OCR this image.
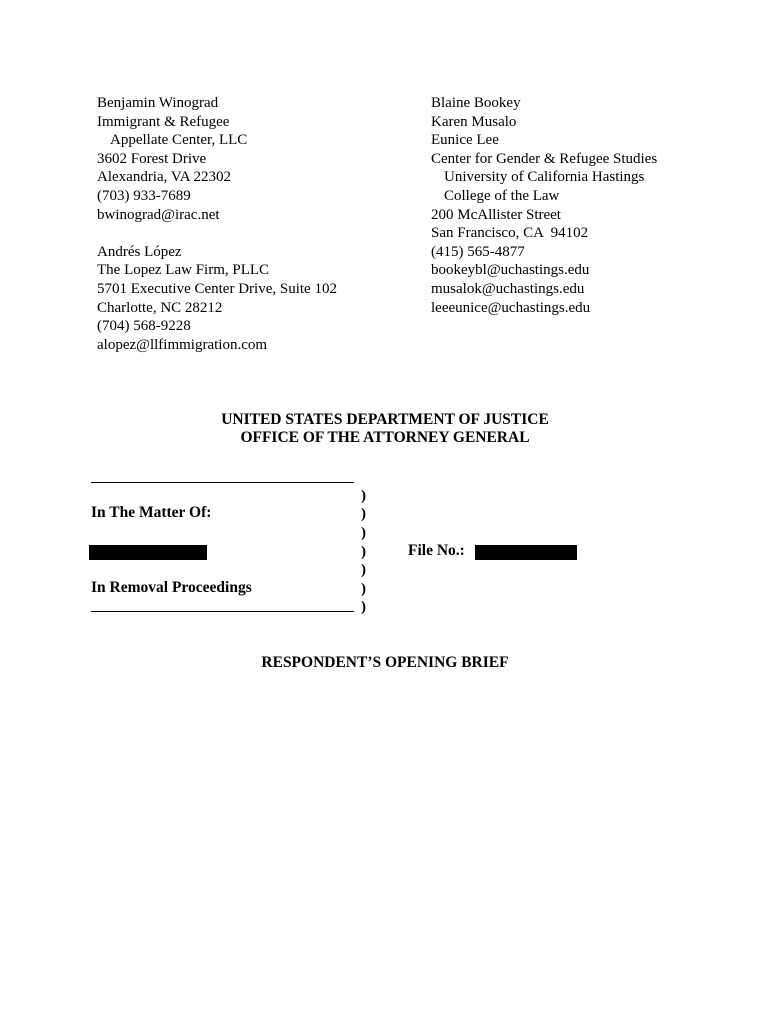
Benjamin Winograd
Immigrant & Refugee
Appellate Center, LLC
3602 Forest Drive
Alexandria, VA 22302
(703) 933-7689
bwinograd@irac.net
Andrés López
The Lopez Law Firm, PLLC
5701 Executive Center Drive, Suite 102
Charlotte, NC 28212
(704) 568-9228
alopez@llfimmigration.com
Blaine Bookey
Karen Musalo
Eunice Lee
Center for Gender & Refugee Studies
University of California Hastings
College of the Law
200 McAllister Street
San Francisco, CA  94102
(415) 565-4877
bookeybl@uchastings.edu
musalok@uchastings.edu
leeeunice@uchastings.edu
UNITED STATES DEPARTMENT OF JUSTICE
OFFICE OF THE ATTORNEY GENERAL
)
)
)
)
)
)
)
In The Matter Of:
In Removal Proceedings
File No.:
RESPONDENT’S OPENING BRIEF
